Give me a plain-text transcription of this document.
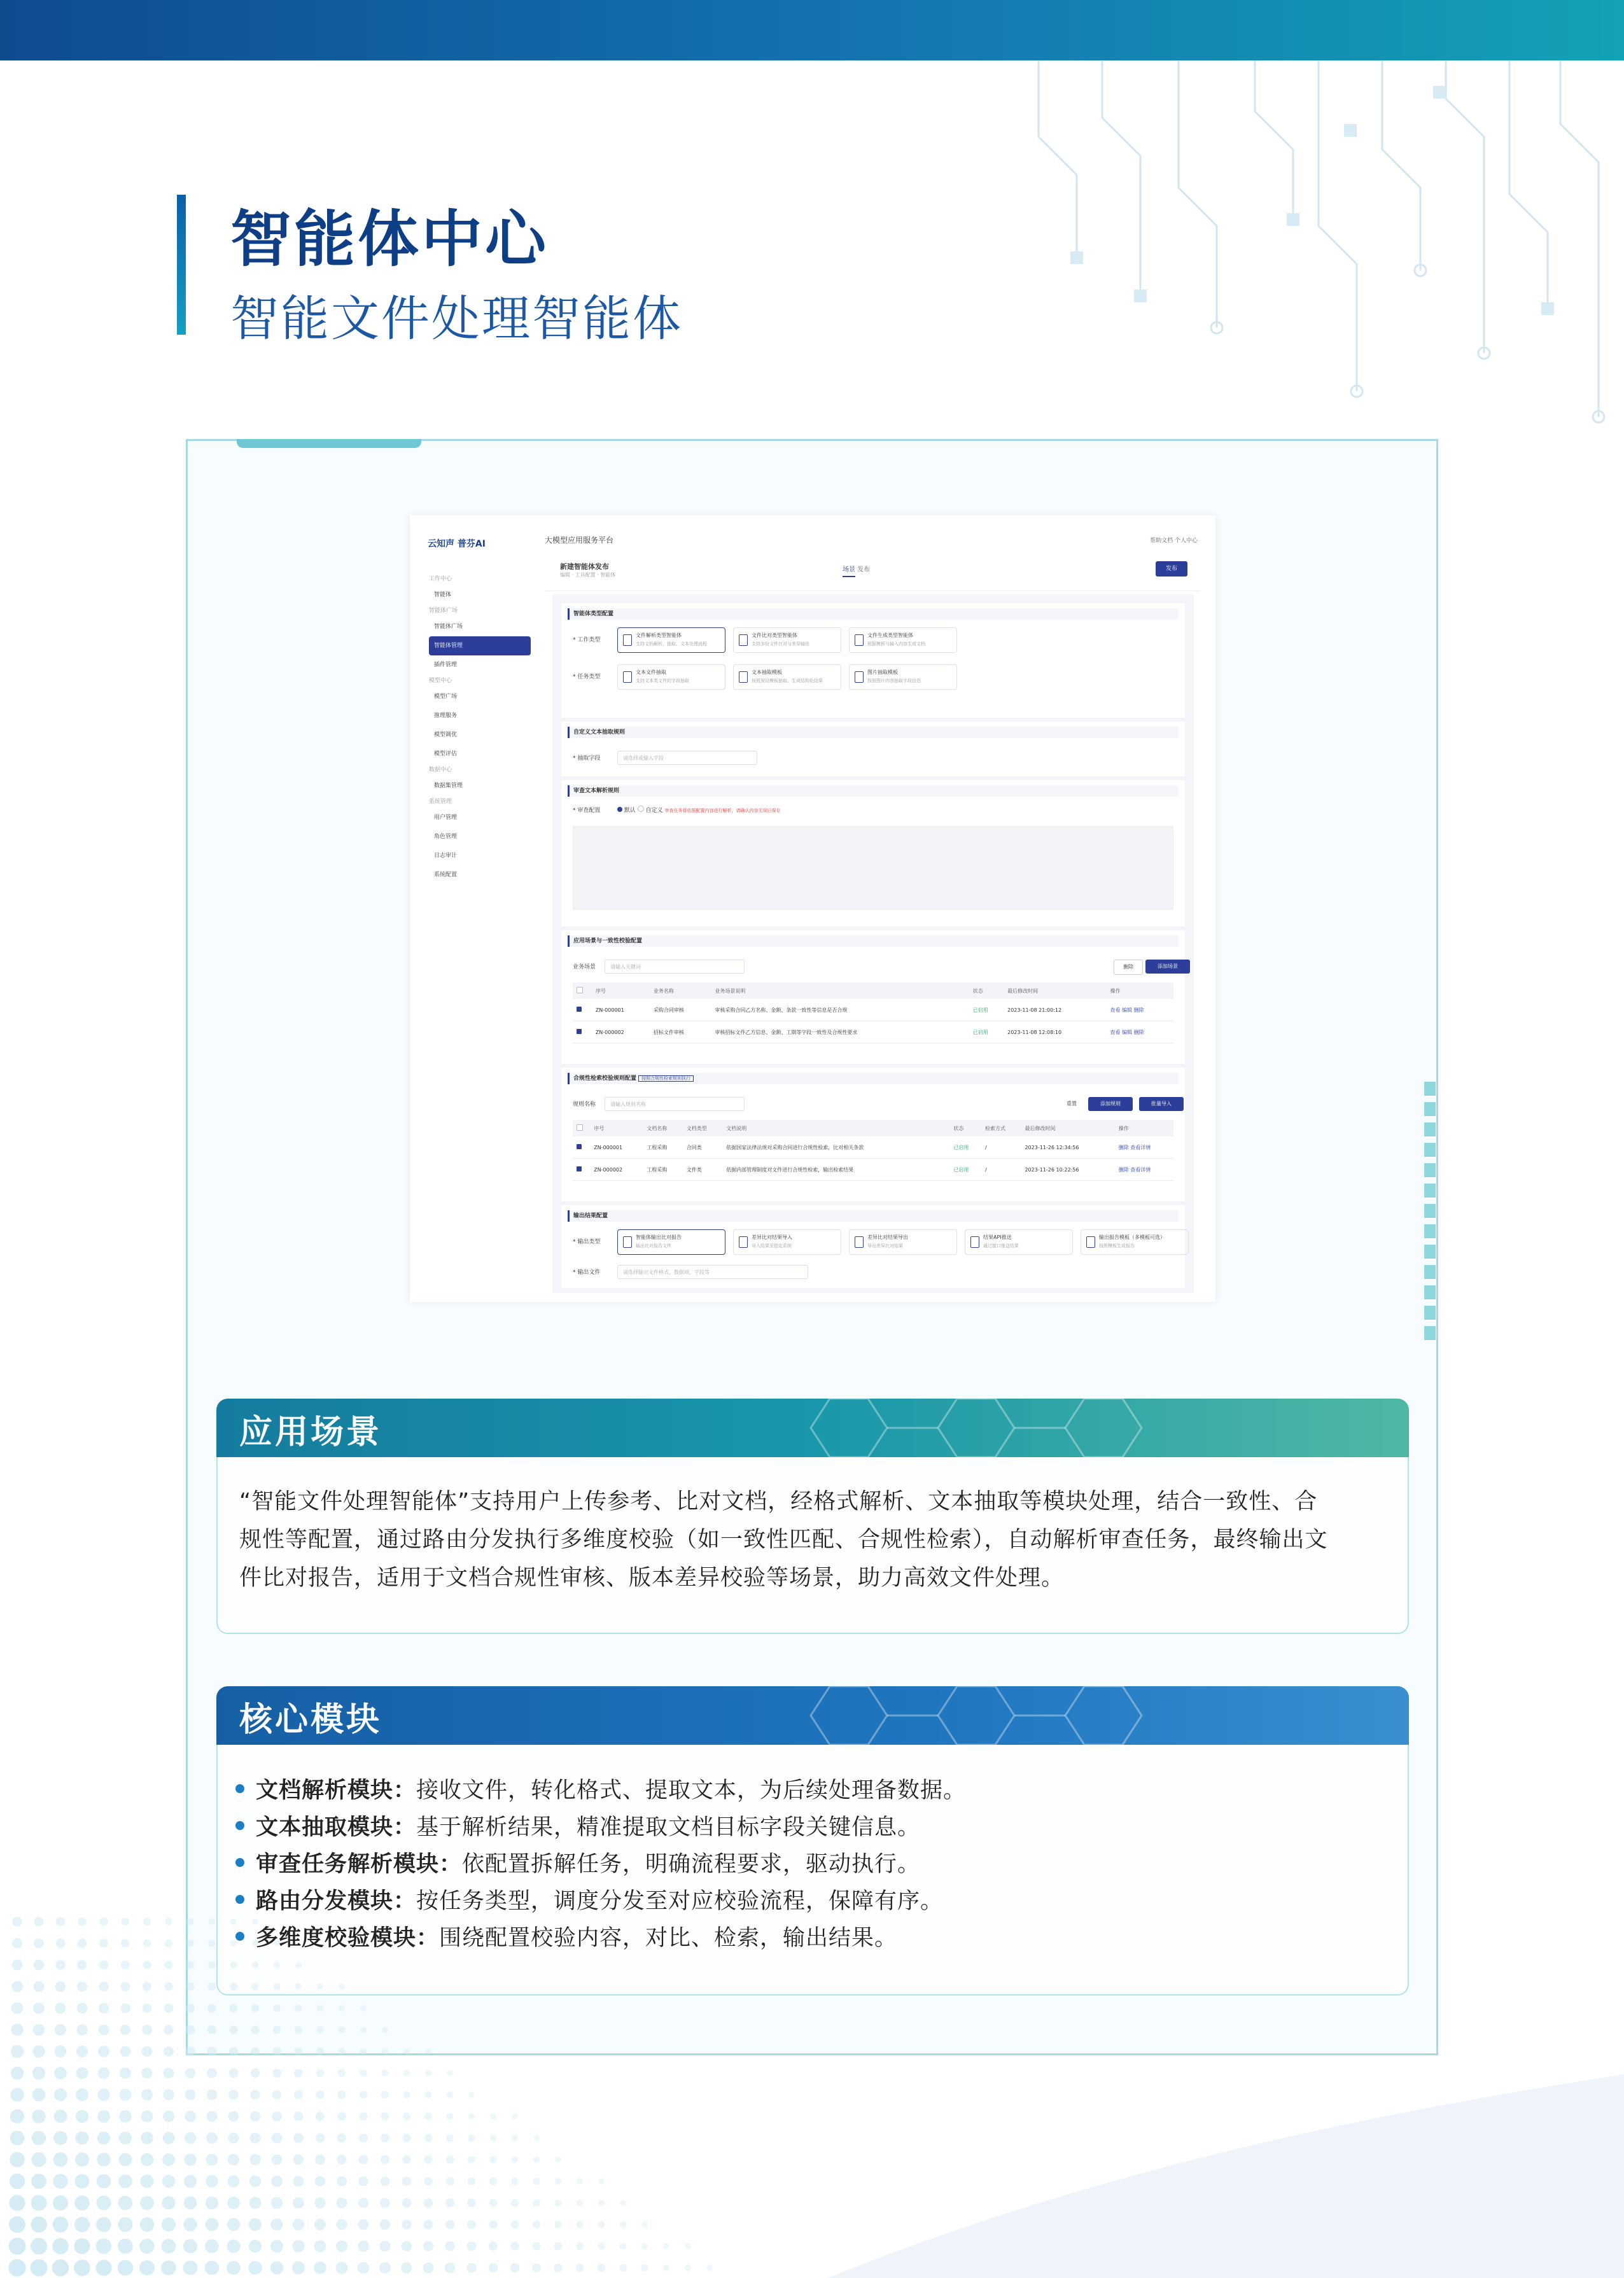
智能体中心
智能文件处理智能体
云知声 普芬AI
工作中心
智能体
智能体广场
智能体广场
智能体管理
插件管理
模型中心
模型广场
推理服务
模型调优
模型评估
数据中心
数据集管理
系统管理
用户管理
角色管理
日志审计
系统配置
大模型应用服务平台	帮助文档 个人中心
新建智能体发布
编辑 · 工具配置 · 智能体
场景 发布	发布
智能体类型配置
* 工作类型
文件解析类型智能体
支持文档解析、抽取、文本处理流程
文件比对类型智能体
支持多份文件比对与差异输出
文件生成类型智能体
根据模板与输入内容生成文档
* 任务类型
文本文件抽取
支持文本类文件的字段抽取
文本抽取模板
按照预设模板抽取、生成结构化结果
图片抽取模板
按照图片内容抽取字段信息
自定义文本抽取规则
* 抽取字段	请选择或输入字段
审查文本解析规则
* 审查配置	默认 自定义 审查任务将依据配置内容进行解析，请确认内容无误后保存
应用场景与一致性校验配置
业务场景	请输入关键词	删除	添加场景
	序号	业务名称	业务场景说明	状态	最后修改时间	操作
	ZN-000001	采购合同审核	审核采购合同乙方名称、金额、条款一致性等信息是否合规	已启用	2023-11-08 21:00:12	查看 编辑 删除
	ZN-000002	招标文件审核	审核招标文件乙方信息、金额、工期等字段一致性及合规性要求	已启用	2023-11-08 12:08:10	查看 编辑 删除
合规性检索校验规则配置 按照合规性检索规则执行
规则名称	请输入规则名称	重置	添加规则	批量导入
	序号	文档名称	文档类型	文档说明	状态	检索方式	最后修改时间	操作
	ZN-000001	工程采购	合同类	依据国家法律法规对采购合同进行合规性检索，比对相关条款	已启用	/	2023-11-26 12:34:56	删除 查看详情
	ZN-000002	工程采购	文件类	依据内部管理制度对文件进行合规性检索，输出检索结果	已启用	/	2023-11-26 10:22:56	删除 查看详情
输出结果配置
* 输出类型
智能体输出比对报告
输出比对报告文件
差异比对结果导入
导入结果至指定系统
差异比对结果导出
导出差异比对结果
结果API推送
通过接口推送结果
输出报告模板（多模板可选）
按照模板生成报告
* 输出文件	请选择输出文件格式、数据项、字段等
应用场景
“智能文件处理智能体”支持用户上传参考、比对文档，经格式解析、文本抽取等模块处理，结合一致性、合
规性等配置，通过路由分发执行多维度校验（如一致性匹配、合规性检索），自动解析审查任务，最终输出文
件比对报告，适用于文档合规性审核、版本差异校验等场景，助力高效文件处理。
核心模块
文档解析模块：接收文件，转化格式、提取文本，为后续处理备数据。
文本抽取模块：基于解析结果，精准提取文档目标字段关键信息。
审查任务解析模块：依配置拆解任务，明确流程要求，驱动执行。
路由分发模块：按任务类型，调度分发至对应校验流程，保障有序。
多维度校验模块：围绕配置校验内容，对比、检索，输出结果。
